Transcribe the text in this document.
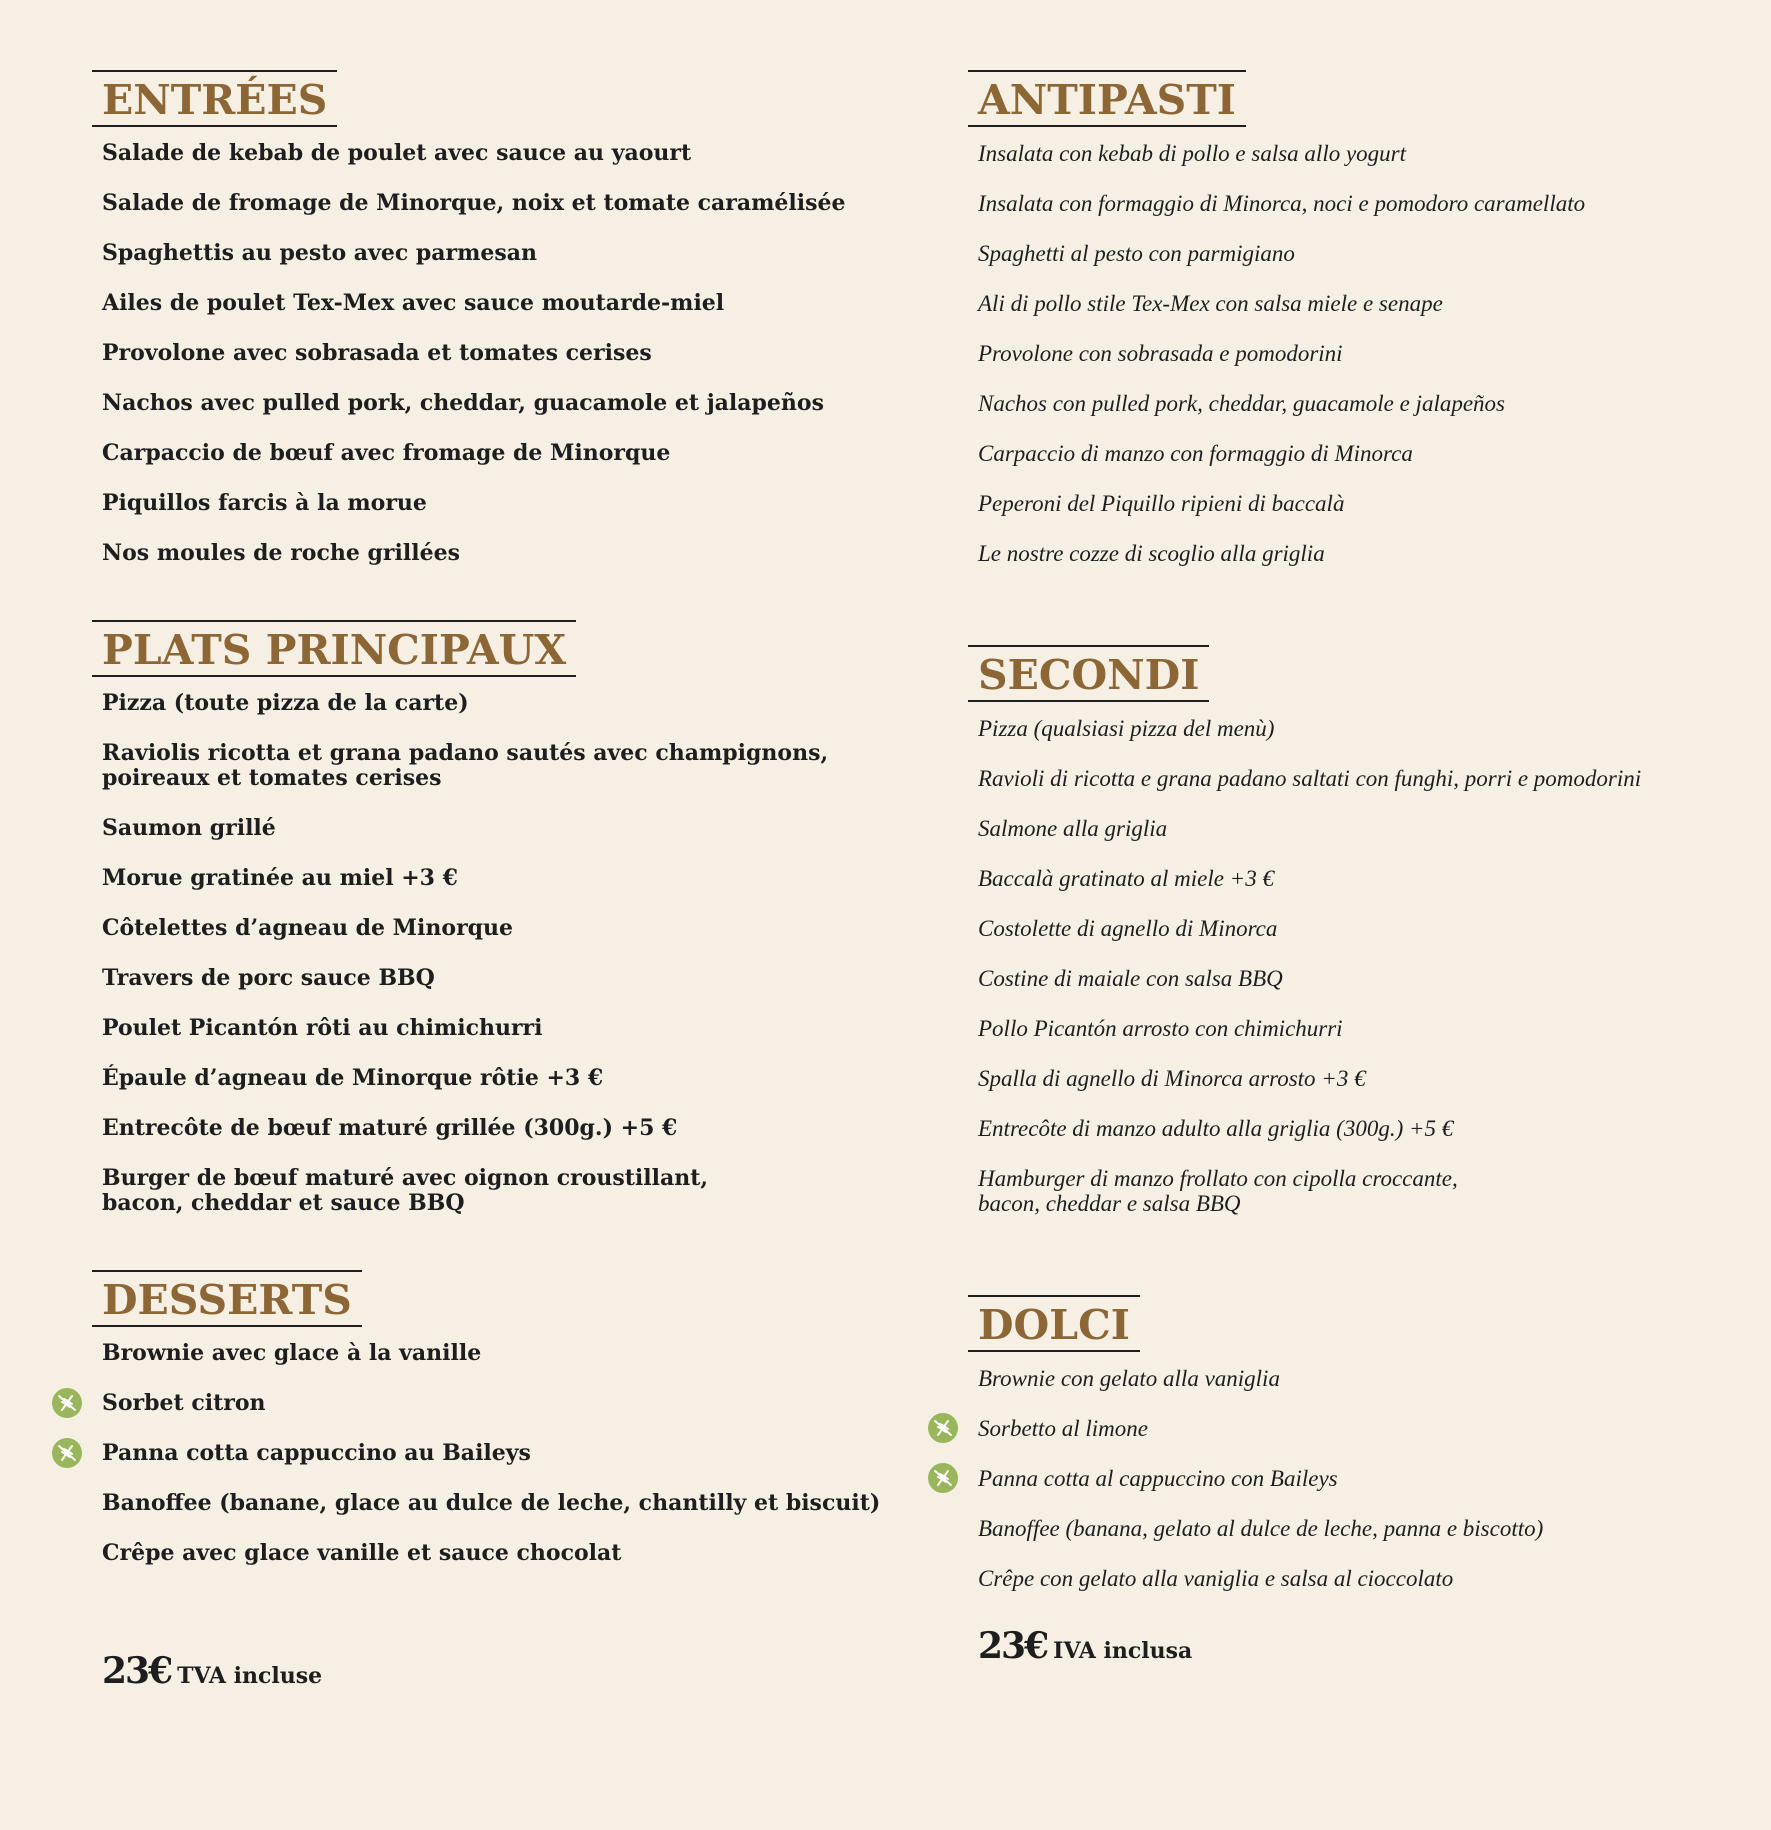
ENTRÉES
Salade de kebab de poulet avec sauce au yaourt
Salade de fromage de Minorque, noix et tomate caramélisée
Spaghettis au pesto avec parmesan
Ailes de poulet Tex-Mex avec sauce moutarde-miel
Provolone avec sobrasada et tomates cerises
Nachos avec pulled pork, cheddar, guacamole et jalapeños
Carpaccio de bœuf avec fromage de Minorque
Piquillos farcis à la morue
Nos moules de roche grillées
PLATS PRINCIPAUX
Pizza (toute pizza de la carte)
Raviolis ricotta et grana padano sautés avec champignons,
poireaux et tomates cerises
Saumon grillé
Morue gratinée au miel +3 €
Côtelettes d’agneau de Minorque
Travers de porc sauce BBQ
Poulet Picantón rôti au chimichurri
Épaule d’agneau de Minorque rôtie +3 €
Entrecôte de bœuf maturé grillée (300g.) +5 €
Burger de bœuf maturé avec oignon croustillant,
bacon, cheddar et sauce BBQ
DESSERTS
Brownie avec glace à la vanille
Sorbet citron
Panna cotta cappuccino au Baileys
Banoffee (banane, glace au dulce de leche, chantilly et biscuit)
Crêpe avec glace vanille et sauce chocolat
23€ TVA incluse
ANTIPASTI
Insalata con kebab di pollo e salsa allo yogurt
Insalata con formaggio di Minorca, noci e pomodoro caramellato
Spaghetti al pesto con parmigiano
Ali di pollo stile Tex-Mex con salsa miele e senape
Provolone con sobrasada e pomodorini
Nachos con pulled pork, cheddar, guacamole e jalapeños
Carpaccio di manzo con formaggio di Minorca
Peperoni del Piquillo ripieni di baccalà
Le nostre cozze di scoglio alla griglia
SECONDI
Pizza (qualsiasi pizza del menù)
Ravioli di ricotta e grana padano saltati con funghi, porri e pomodorini
Salmone alla griglia
Baccalà gratinato al miele +3 €
Costolette di agnello di Minorca
Costine di maiale con salsa BBQ
Pollo Picantón arrosto con chimichurri
Spalla di agnello di Minorca arrosto +3 €
Entrecôte di manzo adulto alla griglia (300g.) +5 €
Hamburger di manzo frollato con cipolla croccante,
bacon, cheddar e salsa BBQ
DOLCI
Brownie con gelato alla vaniglia
Sorbetto al limone
Panna cotta al cappuccino con Baileys
Banoffee (banana, gelato al dulce de leche, panna e biscotto)
Crêpe con gelato alla vaniglia e salsa al cioccolato
23€ IVA inclusa
